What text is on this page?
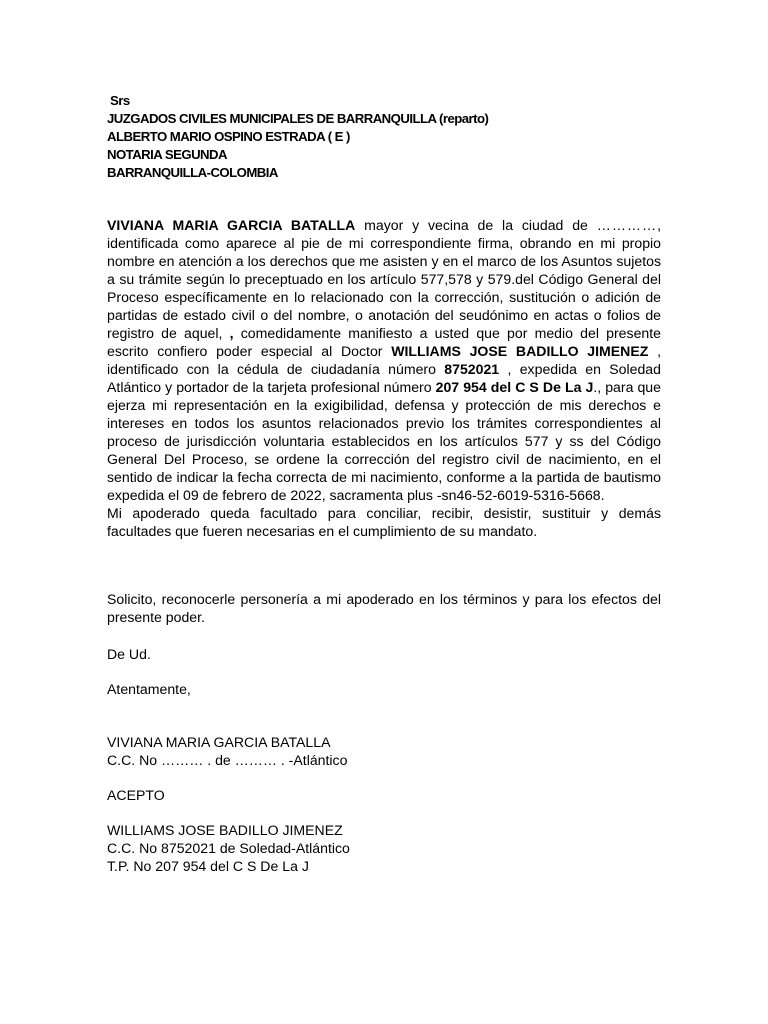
Srs
JUZGADOS CIVILES MUNICIPALES DE BARRANQUILLA (reparto)
ALBERTO MARIO OSPINO ESTRADA ( E )
NOTARIA SEGUNDA
BARRANQUILLA-COLOMBIA

VIVIANA MARIA GARCIA BATALLA mayor y vecina de la ciudad de …………, identificada como aparece al pie de mi correspondiente firma, obrando en mi propio nombre en atención a los derechos que me asisten y en el marco de los Asuntos sujetos a su trámite según lo preceptuado en los artículo 577,578 y 579.del Código General del Proceso específicamente en lo relacionado con la corrección, sustitución o adición de partidas de estado civil o del nombre, o anotación del seudónimo en actas o folios de registro de aquel, , comedidamente manifiesto a usted que por medio del presente escrito confiero poder especial al Doctor WILLIAMS JOSE BADILLO JIMENEZ , identificado con la cédula de ciudadanía número 8752021 , expedida en Soledad Atlántico y portador de la tarjeta profesional número 207 954 del C S De La J., para que ejerza mi representación en la exigibilidad, defensa y protección de mis derechos e intereses en todos los asuntos relacionados previo los trámites correspondientes al proceso de jurisdicción voluntaria establecidos en los artículos 577 y ss del Código General Del Proceso, se ordene la corrección del registro civil de nacimiento, en el sentido de indicar la fecha correcta de mi nacimiento, conforme a la partida de bautismo expedida el 09 de febrero de 2022, sacramenta plus -sn46-52-6019-5316-5668.

Mi apoderado queda facultado para conciliar, recibir, desistir, sustituir y demás facultades que fueren necesarias en el cumplimiento de su mandato.

Solicito, reconocerle personería a mi apoderado en los términos y para los efectos del presente poder.

De Ud.
Atentamente,
VIVIANA MARIA GARCIA BATALLA
C.C. No ……… . de ……… . -Atlántico
ACEPTO
WILLIAMS JOSE BADILLO JIMENEZ
C.C. No 8752021 de Soledad-Atlántico
T.P. No 207 954 del C S De La J
